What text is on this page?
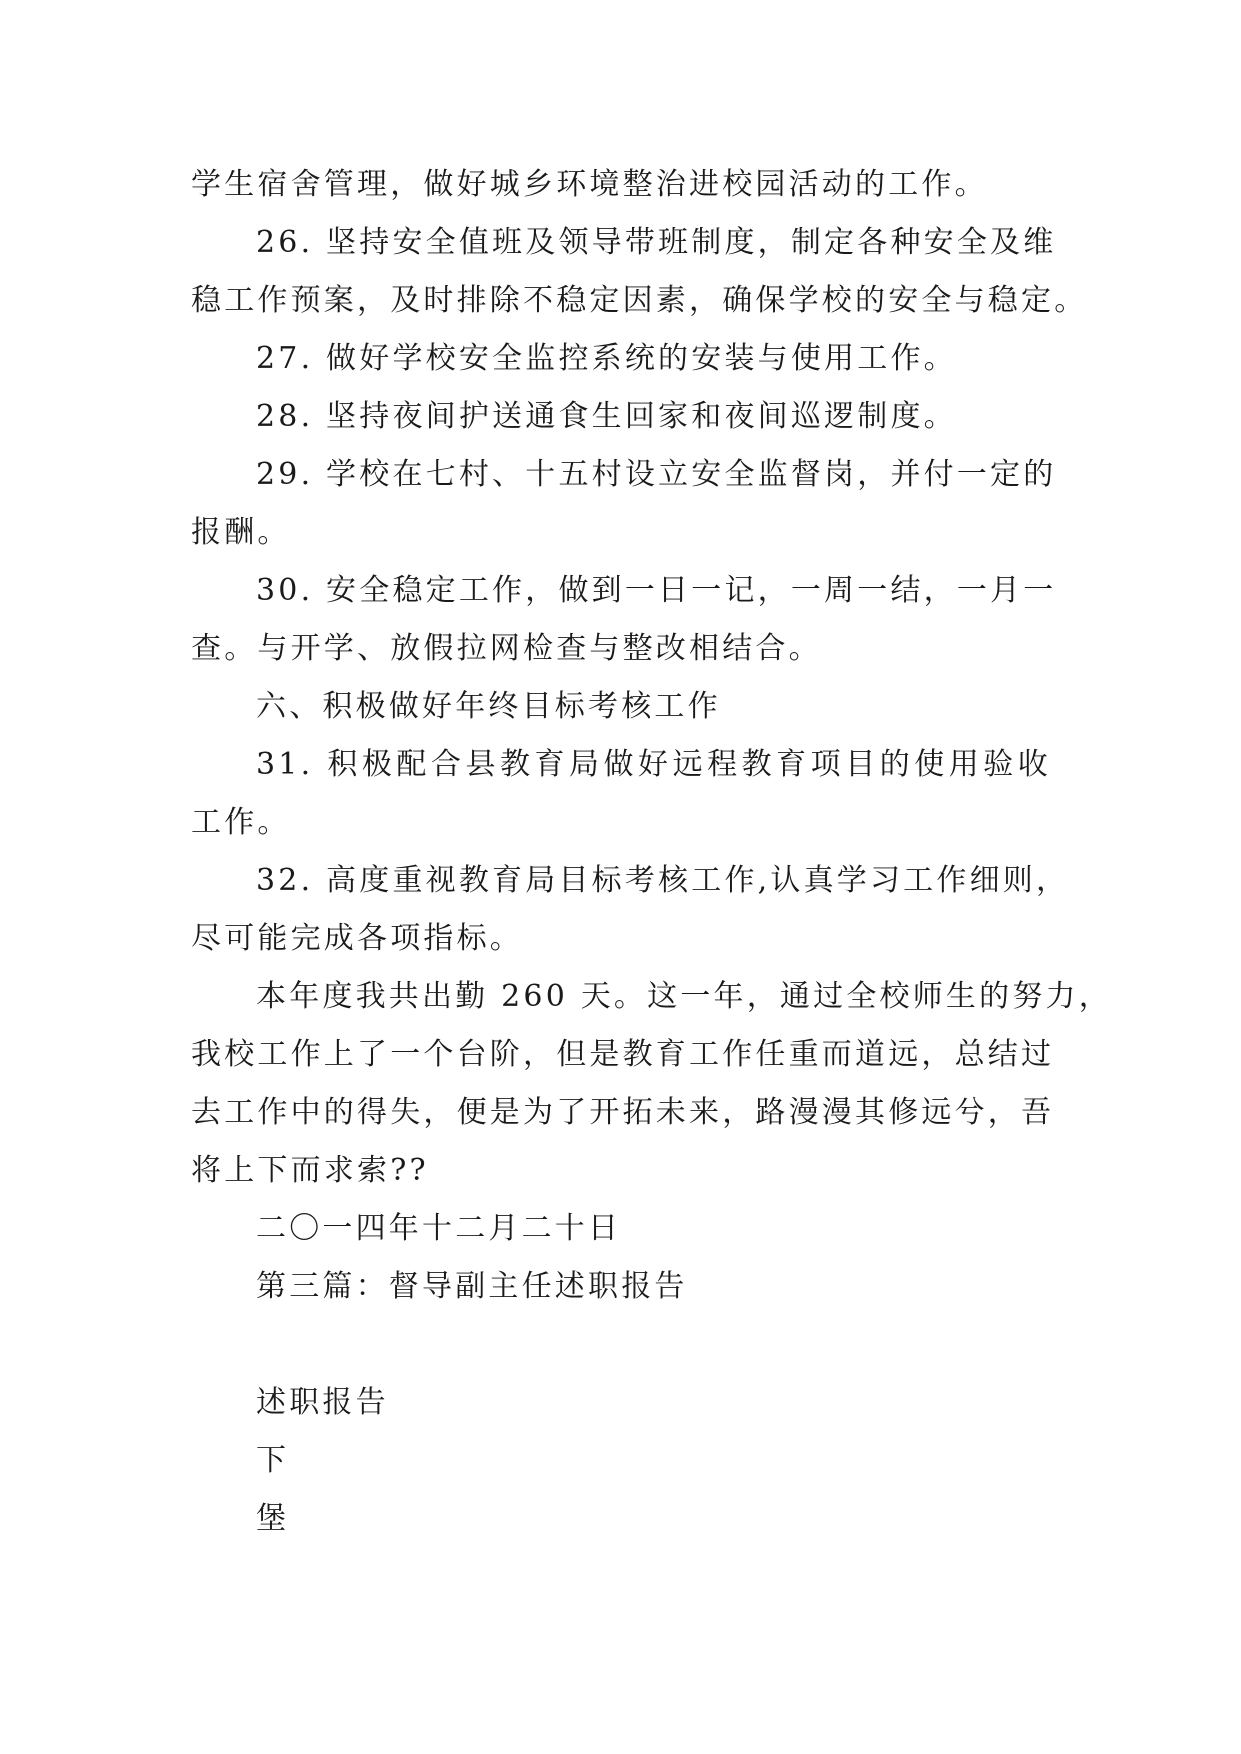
学生宿舍管理，做好城乡环境整治进校园活动的工作。
26. 坚持安全值班及领导带班制度，制定各种安全及维
稳工作预案，及时排除不稳定因素，确保学校的安全与稳定。
27. 做好学校安全监控系统的安装与使用工作。
28. 坚持夜间护送通食生回家和夜间巡逻制度。
29. 学校在七村、十五村设立安全监督岗，并付一定的
报酬。
30. 安全稳定工作，做到一日一记，一周一结，一月一
查。与开学、放假拉网检查与整改相结合。
六、积极做好年终目标考核工作
31. 积极配合县教育局做好远程教育项目的使用验收
工作。
32. 高度重视教育局目标考核工作,认真学习工作细则，
尽可能完成各项指标。
本年度我共出勤 260 天。这一年，通过全校师生的努力，
我校工作上了一个台阶，但是教育工作任重而道远，总结过
去工作中的得失，便是为了开拓未来，路漫漫其修远兮，吾
将上下而求索??
二〇一四年十二月二十日
第三篇：督导副主任述职报告
述职报告
下
堡
